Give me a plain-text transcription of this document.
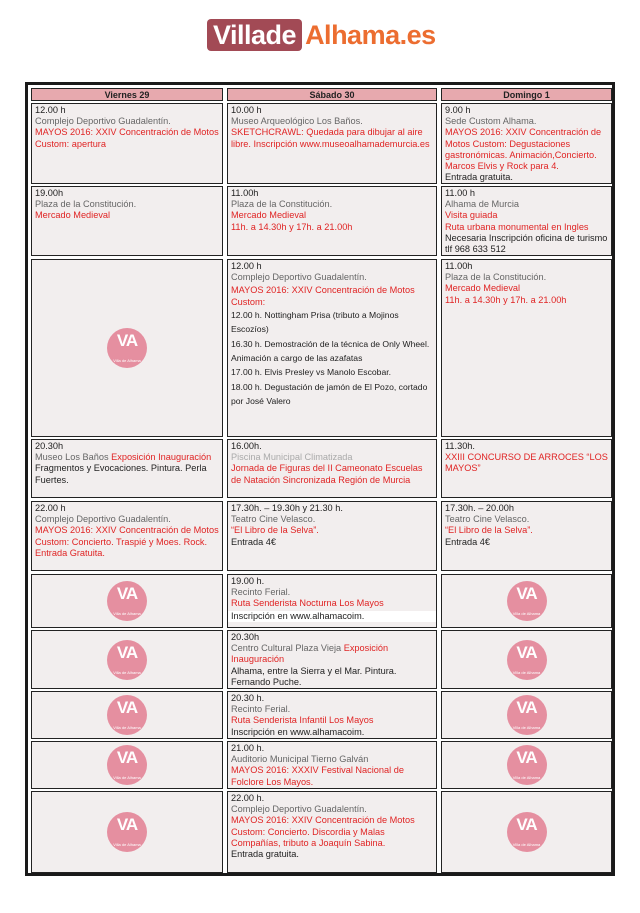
Villade Alhama.es
Viernes 29	Sábado 30	Domingo 1
12.00 h
Complejo Deportivo Guadalentín.
MAYOS 2016: XXIV Concentración de Motos Custom: apertura
10.00 h
Museo Arqueológico Los Baños.
SKETCHCRAWL: Quedada para dibujar al aire libre. Inscripción www.museoalhamademurcia.es
9.00 h
Sede Custom Alhama.
MAYOS 2016: XXIV Concentración de Motos Custom: Degustaciones gastronómicas. Animación,Concierto. Marcos Elvis y Rock para 4.
Entrada gratuita.
19.00h
Plaza de la Constitución.
Mercado Medieval
11.00h
Plaza de la Constitución.
Mercado Medieval
11h. a 14.30h y 17h. a 21.00h
11.00 h
Alhama de Murcia
Visita guiada
Ruta urbana monumental en Ingles
Necesaria Inscripción oficina de turismo tlf 968 633 512
VA
Villa de Alhama
12.00 h
Complejo Deportivo Guadalentín.
MAYOS 2016: XXIV Concentración de Motos Custom:
12.00 h. Nottingham Prisa (tributo a Mojinos Escozíos)
16.30 h. Demostración de la técnica de Only Wheel. Animación a cargo de las azafatas
17.00 h. Elvis Presley vs Manolo Escobar.
18.00 h. Degustación de jamón de El Pozo, cortado por José Valero
11.00h
Plaza de la Constitución.
Mercado Medieval
11h. a 14.30h y 17h. a 21.00h
20.30h
Museo Los Baños Exposición Inauguración
Fragmentos y Evocaciones. Pintura. Perla Fuertes.
16.00h.
Piscina Municipal Climatizada
Jornada de Figuras del II Cameonato Escuelas de Natación Sincronizada Región de Murcia
11.30h.
XXIII CONCURSO DE ARROCES “LOS MAYOS”
22.00 h
Complejo Deportivo Guadalentín.
MAYOS 2016: XXIV Concentración de Motos Custom: Concierto. Traspié y Moes. Rock. Entrada Gratuita.
17.30h. – 19.30h y 21.30 h.
Teatro Cine Velasco.
“El Libro de la Selva”.
Entrada 4€
17.30h. – 20.00h
Teatro Cine Velasco.
“El Libro de la Selva”.
Entrada 4€
VA
Villa de Alhama
19.00 h.
Recinto Ferial.
Ruta Senderista Nocturna Los Mayos
Inscripción en www.alhamacoim.
VA
Villa de Alhama
VA
Villa de Alhama
20.30h
Centro Cultural Plaza Vieja Exposición Inauguración
Alhama, entre la Sierra y el Mar. Pintura. Fernando Puche.
VA
Villa de Alhama
VA
Villa de Alhama
20.30 h.
Recinto Ferial.
Ruta Senderista Infantil Los Mayos
Inscripción en www.alhamacoim.
VA
Villa de Alhama
VA
Villa de Alhama
21.00 h.
Auditorio Municipal Tierno Galván
MAYOS 2016: XXXIV Festival Nacional de Folclore Los Mayos.
VA
Villa de Alhama
VA
Villa de Alhama
22.00 h.
Complejo Deportivo Guadalentín.
MAYOS 2016: XXIV Concentración de Motos Custom: Concierto. Discordia y Malas Compañías, tributo a Joaquín Sabina.
Entrada gratuita.
VA
Villa de Alhama
